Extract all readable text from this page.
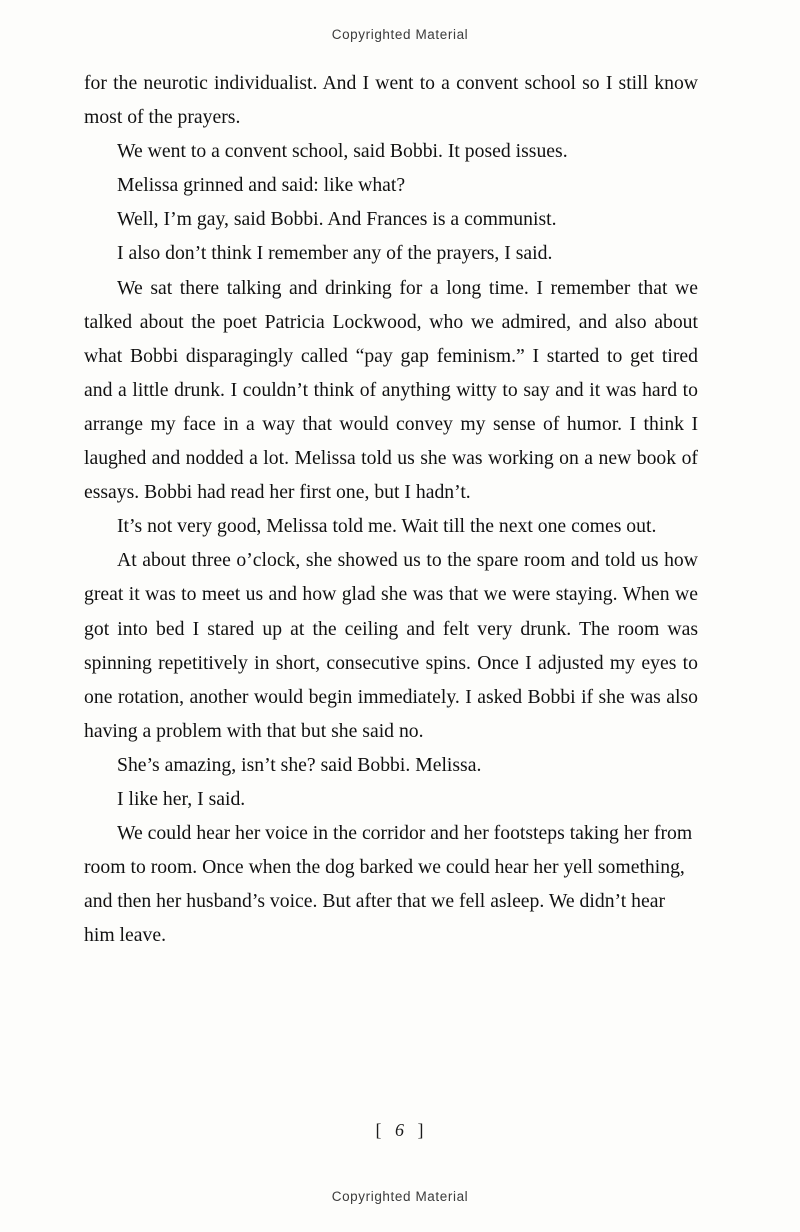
Copyrighted Material

for the neurotic individualist. And I went to a convent school so I still know most of the prayers.

We went to a convent school, said Bobbi. It posed issues.

Melissa grinned and said: like what?

Well, I’m gay, said Bobbi. And Frances is a communist.

I also don’t think I remember any of the prayers, I said.

We sat there talking and drinking for a long time. I remember that we talked about the poet Patricia Lockwood, who we admired, and also about what Bobbi disparagingly called “pay gap feminism.” I started to get tired and a little drunk. I couldn’t think of anything witty to say and it was hard to arrange my face in a way that would convey my sense of humor. I think I laughed and nodded a lot. Melissa told us she was working on a new book of essays. Bobbi had read her first one, but I hadn’t.

It’s not very good, Melissa told me. Wait till the next one comes out.

At about three o’clock, she showed us to the spare room and told us how great it was to meet us and how glad she was that we were staying. When we got into bed I stared up at the ceiling and felt very drunk. The room was spinning repetitively in short, consecutive spins. Once I adjusted my eyes to one rotation, another would begin immediately. I asked Bobbi if she was also having a problem with that but she said no.

She’s amazing, isn’t she? said Bobbi. Melissa.

I like her, I said.

We could hear her voice in the corridor and her footsteps taking her from room to room. Once when the dog barked we could hear her yell something, and then her husband’s voice. But after that we fell asleep. We didn’t hear him leave.

[ 6 ]
Copyrighted Material
